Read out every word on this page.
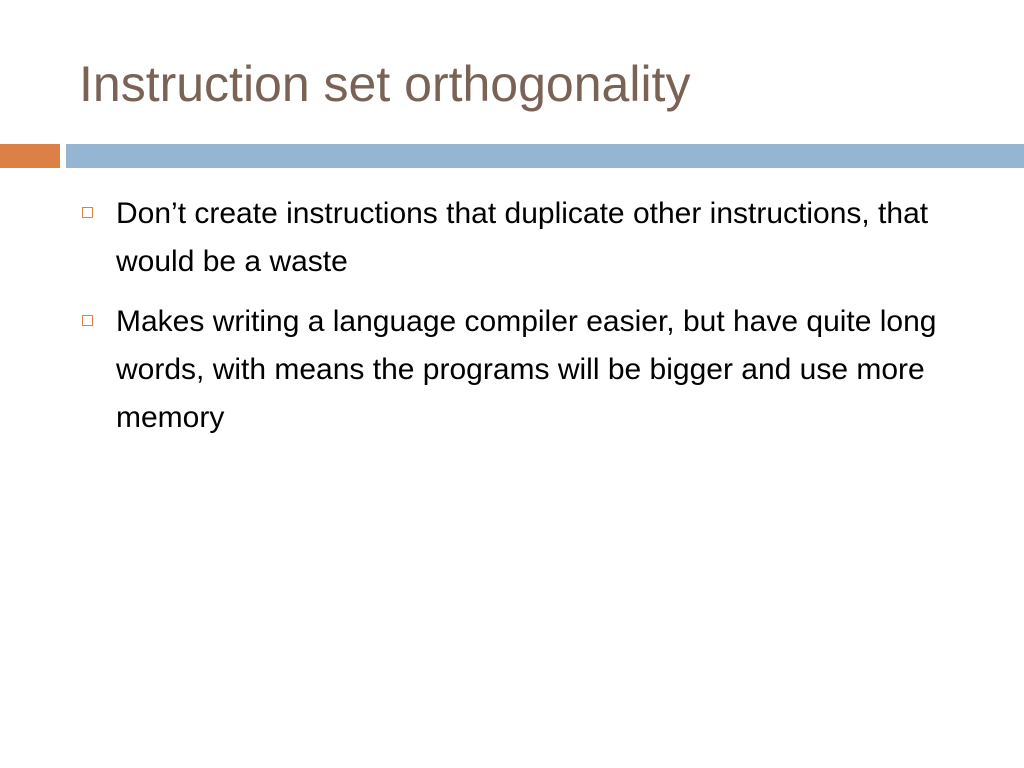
Instruction set orthogonality
Don’t create instructions that duplicate other instructions, that would be a waste
Makes writing a language compiler easier, but have quite long words, with means the programs will be bigger and use more memory
